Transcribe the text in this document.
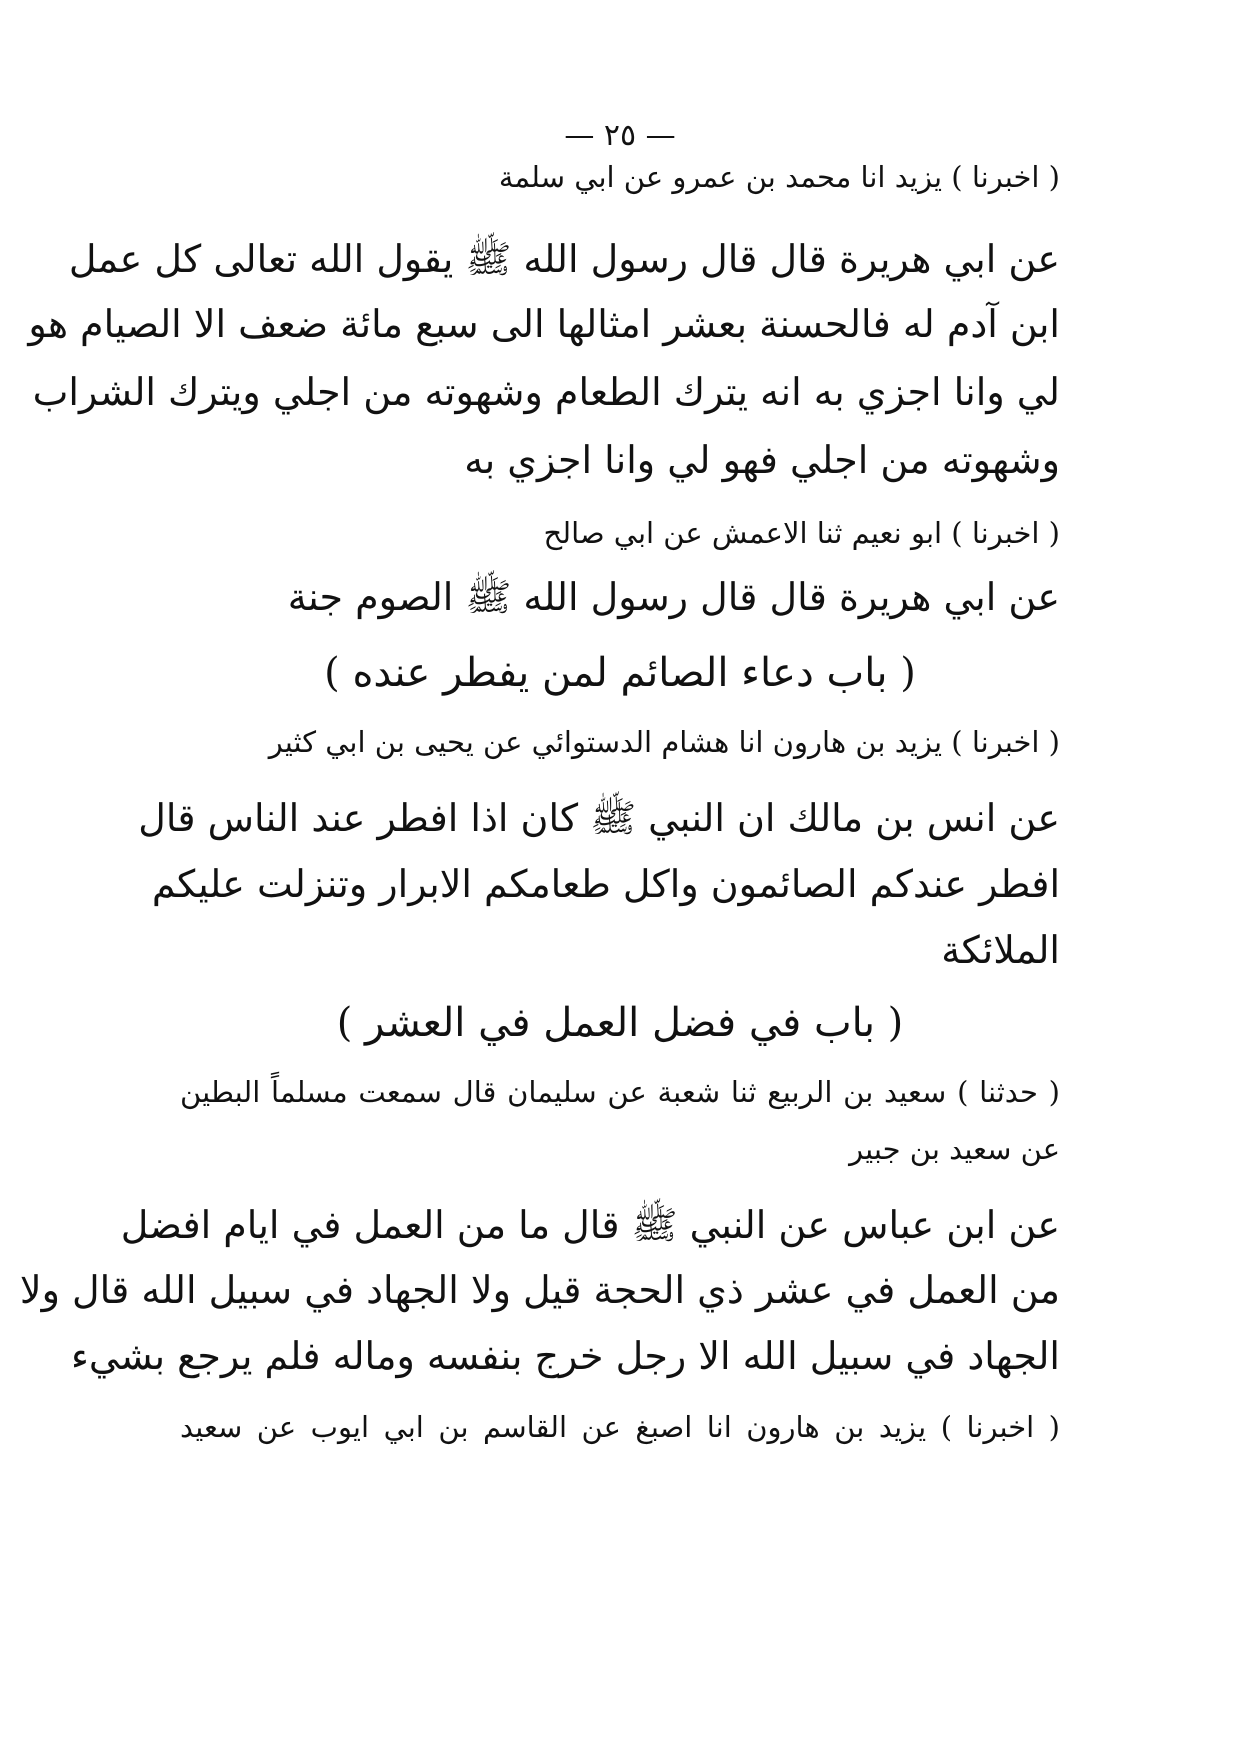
— ٢٥ —
( اخبرنا ) يزيد انا محمد بن عمرو عن ابي سلمة
عن ابي هريرة قال قال رسول الله ﷺ يقول الله تعالى كل عمل
ابن آدم له فالحسنة بعشر امثالها الى سبع مائة ضعف الا الصيام هو
لي وانا اجزي به انه يترك الطعام وشهوته من اجلي ويترك الشراب
وشهوته من اجلي فهو لي وانا اجزي به
( اخبرنا ) ابو نعيم ثنا الاعمش عن ابي صالح
عن ابي هريرة قال قال رسول الله ﷺ الصوم جنة
( باب دعاء الصائم لمن يفطر عنده )
( اخبرنا ) يزيد بن هارون انا هشام الدستوائي عن يحيى بن ابي كثير
عن انس بن مالك ان النبي ﷺ كان اذا افطر عند الناس قال
افطر عندكم الصائمون واكل طعامكم الابرار وتنزلت عليكم
الملائكة
( باب في فضل العمل في العشر )
( حدثنا ) سعيد بن الربيع ثنا شعبة عن سليمان قال سمعت مسلماً البطين
عن سعيد بن جبير
عن ابن عباس عن النبي ﷺ قال ما من العمل في ايام افضل
من العمل في عشر ذي الحجة قيل ولا الجهاد في سبيل الله قال ولا
الجهاد في سبيل الله الا رجل خرج بنفسه وماله فلم يرجع بشيء
( اخبرنا ) يزيد بن هارون انا اصبغ عن القاسم بن ابي ايوب عن سعيد
